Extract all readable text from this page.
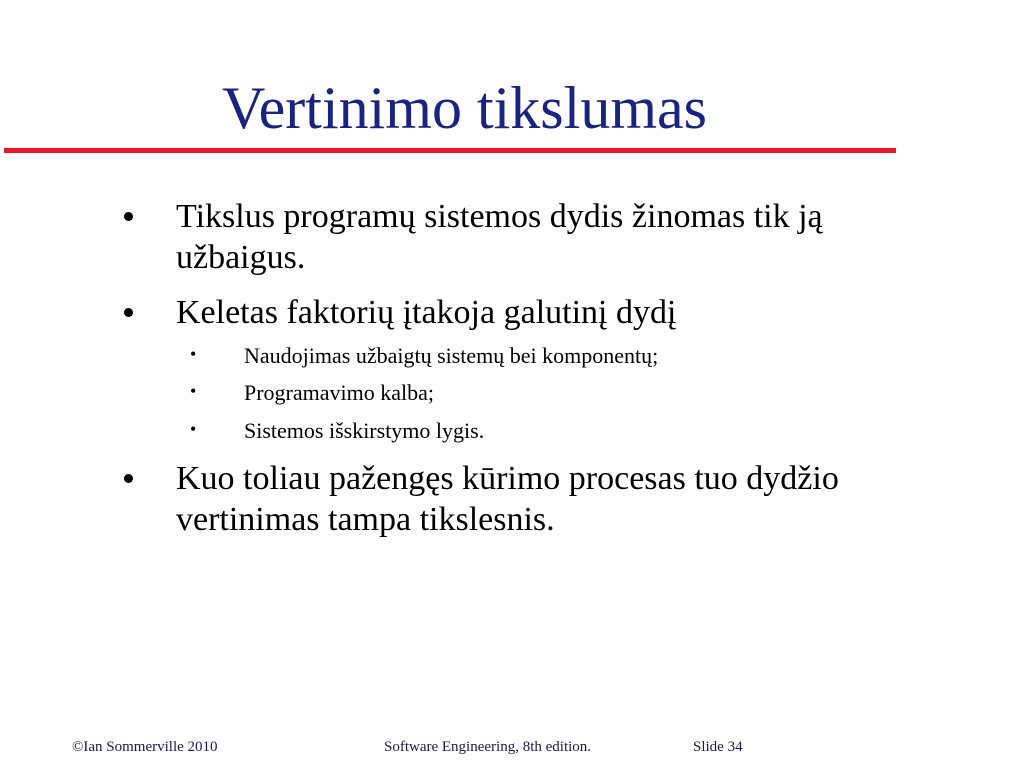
Vertinimo tikslumas
Tikslus programų sistemos dydis žinomas tik ją
užbaigus.
Keletas faktorių įtakoja galutinį dydį
• Naudojimas užbaigtų sistemų bei komponentų;
• Programavimo kalba;
• Sistemos išskirstymo lygis.
Kuo toliau pažengęs kūrimo procesas tuo dydžio
vertinimas tampa tikslesnis.
©Ian Sommerville 2010	Software Engineering, 8th edition.	Slide 34
